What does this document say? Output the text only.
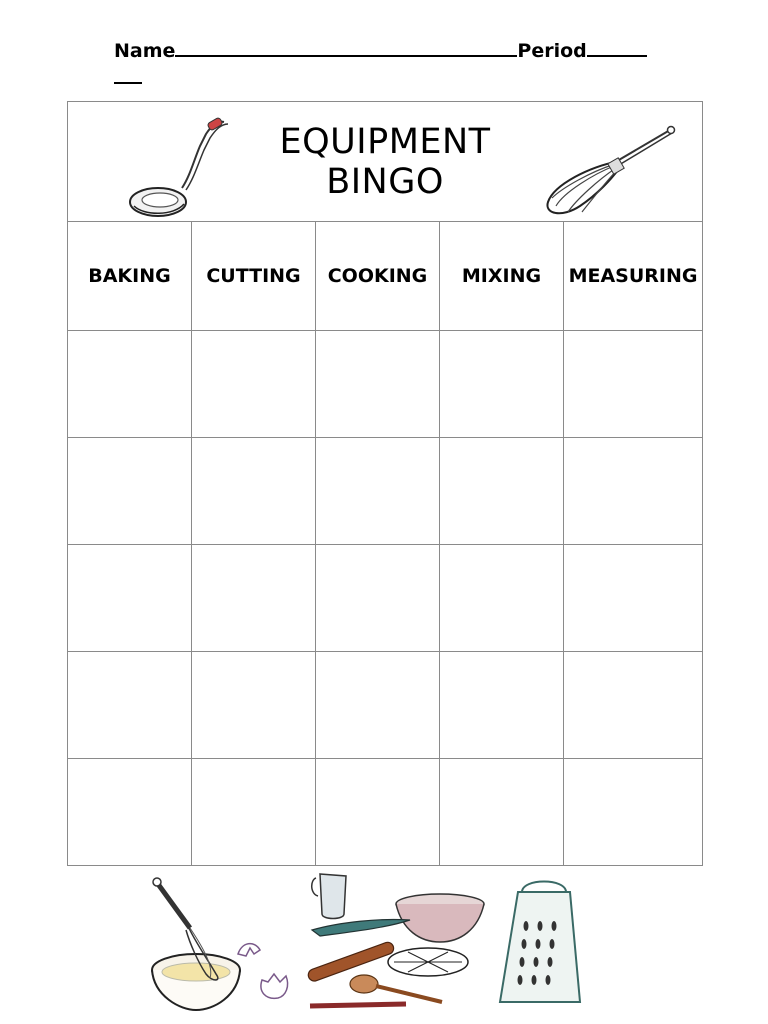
Name	Period
EQUIPMENT
BINGO				

BAKING	CUTTING	COOKING	MIXING	MEASURING
